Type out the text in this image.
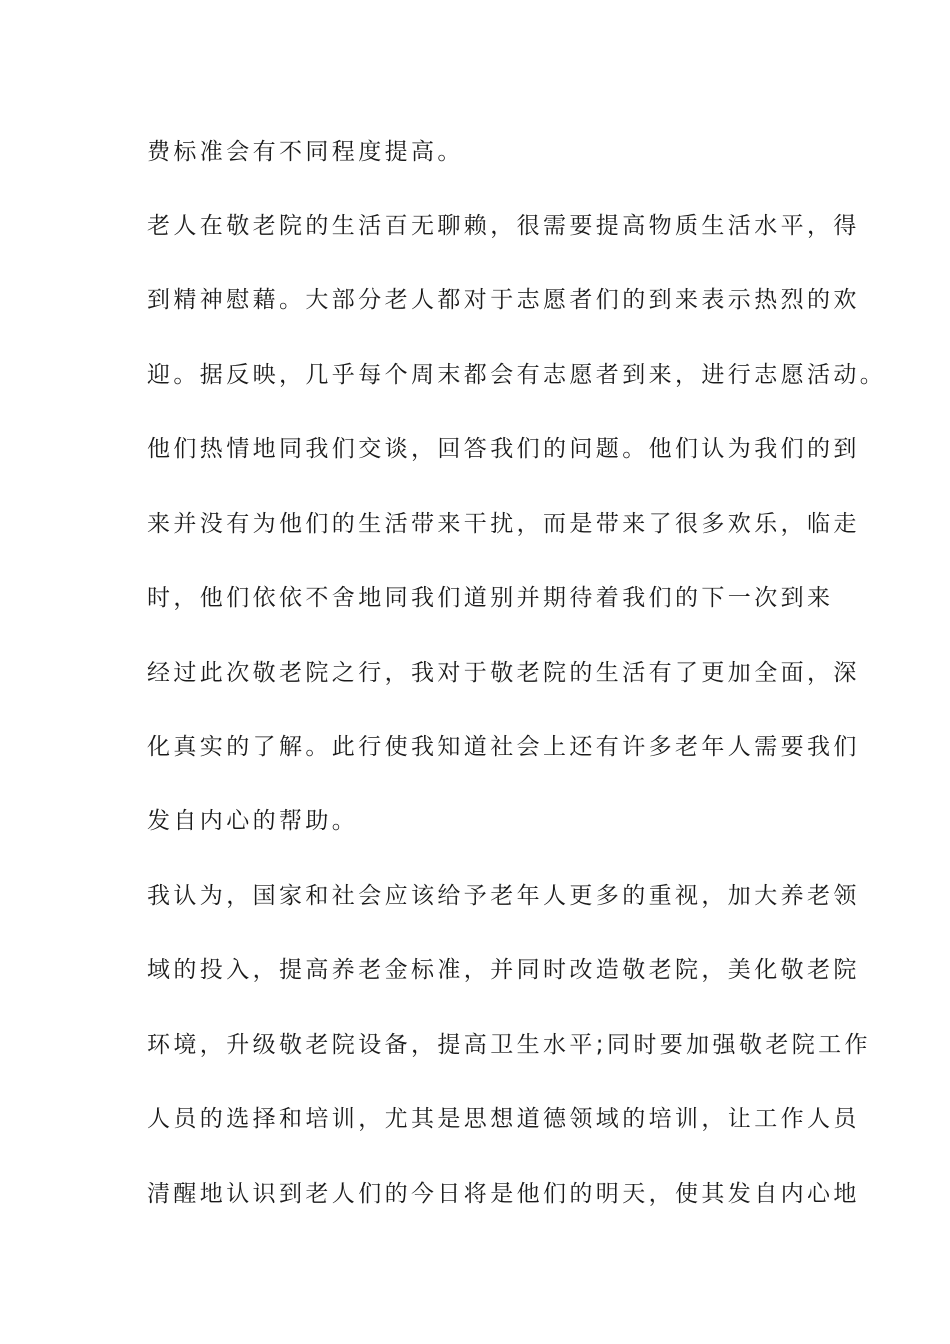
费标准会有不同程度提高。

老人在敬老院的生活百无聊赖，很需要提高物质生活水平，得

到精神慰藉。大部分老人都对于志愿者们的到来表示热烈的欢

迎。据反映，几乎每个周末都会有志愿者到来，进行志愿活动。

他们热情地同我们交谈，回答我们的问题。他们认为我们的到

来并没有为他们的生活带来干扰，而是带来了很多欢乐，临走

时，他们依依不舍地同我们道别并期待着我们的下一次到来

经过此次敬老院之行，我对于敬老院的生活有了更加全面，深

化真实的了解。此行使我知道社会上还有许多老年人需要我们

发自内心的帮助。

我认为，国家和社会应该给予老年人更多的重视，加大养老领

域的投入，提高养老金标准，并同时改造敬老院，美化敬老院

环境，升级敬老院设备，提高卫生水平;同时要加强敬老院工作

人员的选择和培训，尤其是思想道德领域的培训，让工作人员

清醒地认识到老人们的今日将是他们的明天，使其发自内心地
